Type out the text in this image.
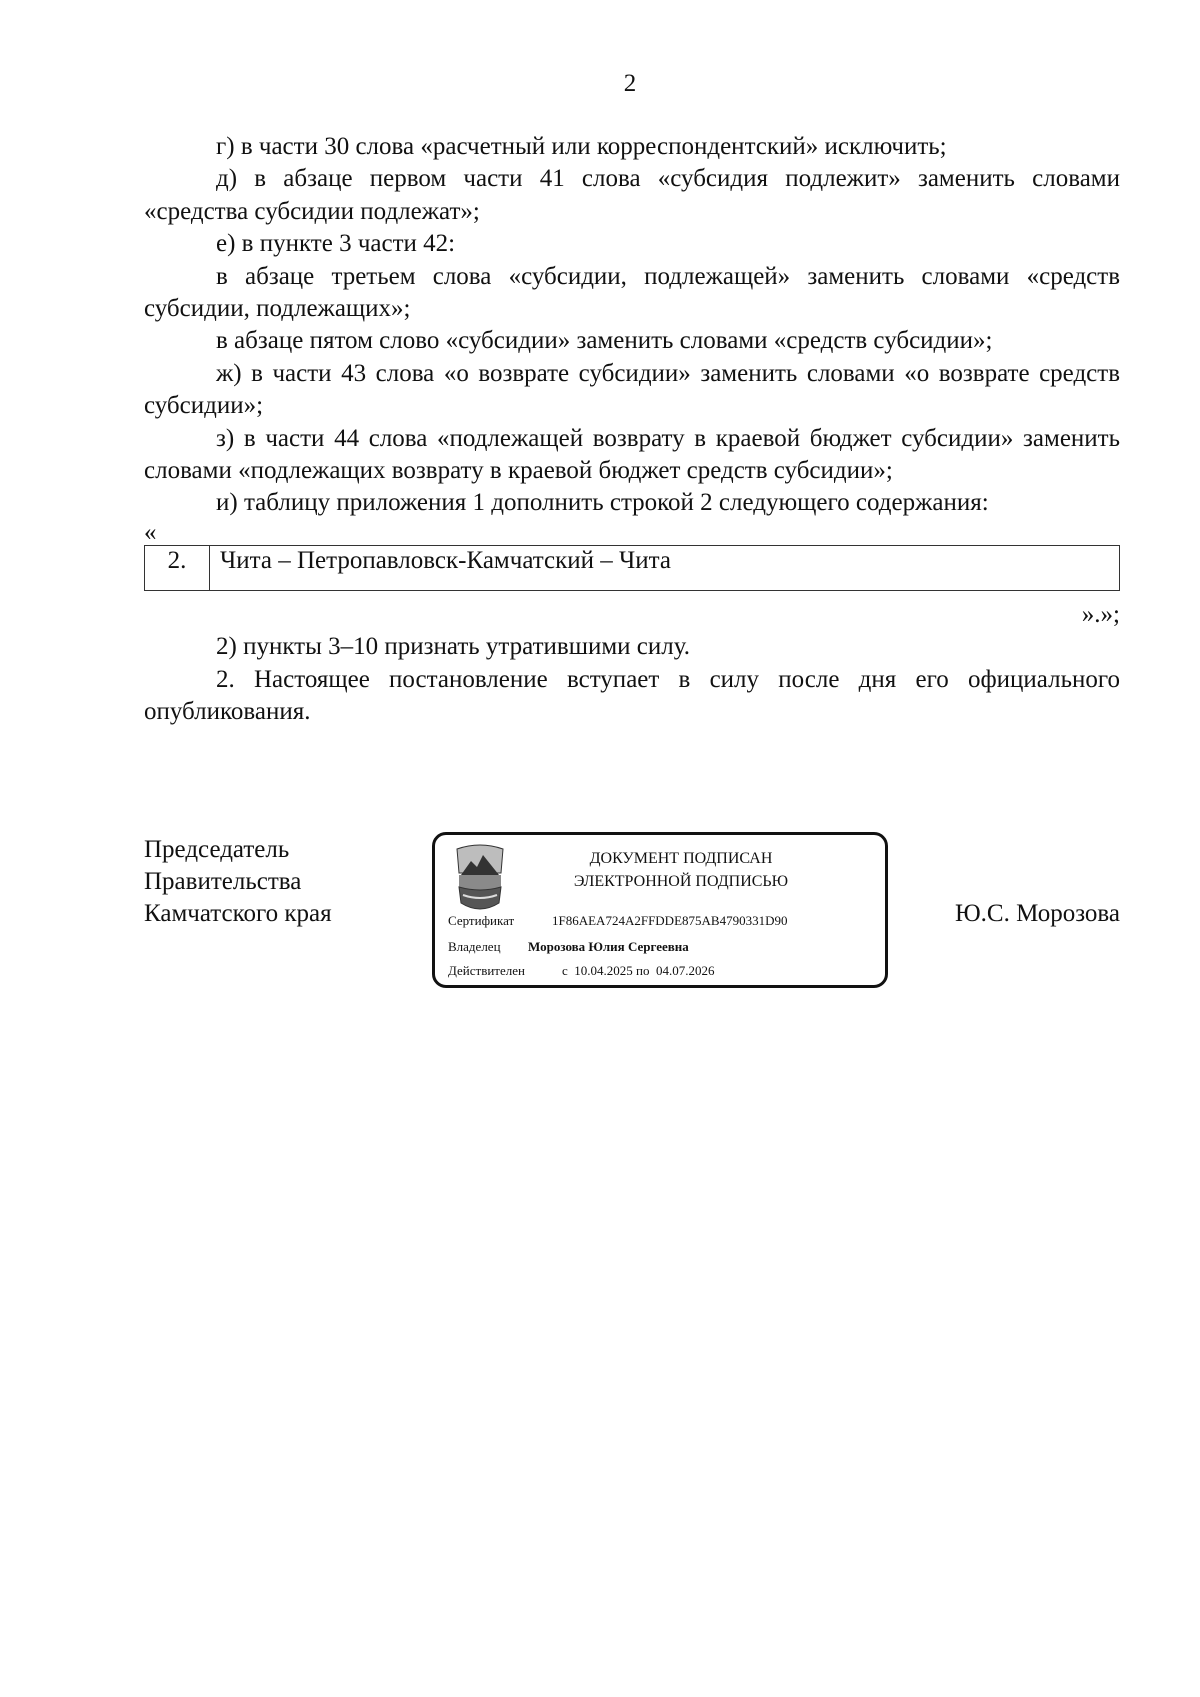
2

г) в части 30 слова «расчетный или корреспондентский» исключить;

д) в абзаце первом части 41 слова «субсидия подлежит» заменить словами «средства субсидии подлежат»;

е) в пункте 3 части 42:

в абзаце третьем слова «субсидии, подлежащей» заменить словами «средств субсидии, подлежащих»;

в абзаце пятом слово «субсидии» заменить словами «средств субсидии»;

ж) в части 43 слова «о возврате субсидии» заменить словами «о возврате средств субсидии»;

з) в части 44 слова «подлежащей возврату в краевой бюджет субсидии» заменить словами «подлежащих возврату в краевой бюджет средств субсидии»;

и) таблицу приложения 1 дополнить строкой 2 следующего содержания:

«

2.	Чита – Петропавловск-Камчатский – Чита

».»;

2) пункты 3–10 признать утратившими силу.

2. Настоящее постановление вступает в силу после дня его официального опубликования.

Председатель
Правительства
Камчатского края	Ю.С. Морозова
ДОКУМЕНТ ПОДПИСАН
ЭЛЕКТРОННОЙ ПОДПИСЬЮ
Сертификат	1F86AEA724A2FFDDE875AB4790331D90
Владелец Морозова Юлия Сергеевна
Действителен	с  10.04.2025 по  04.07.2026
